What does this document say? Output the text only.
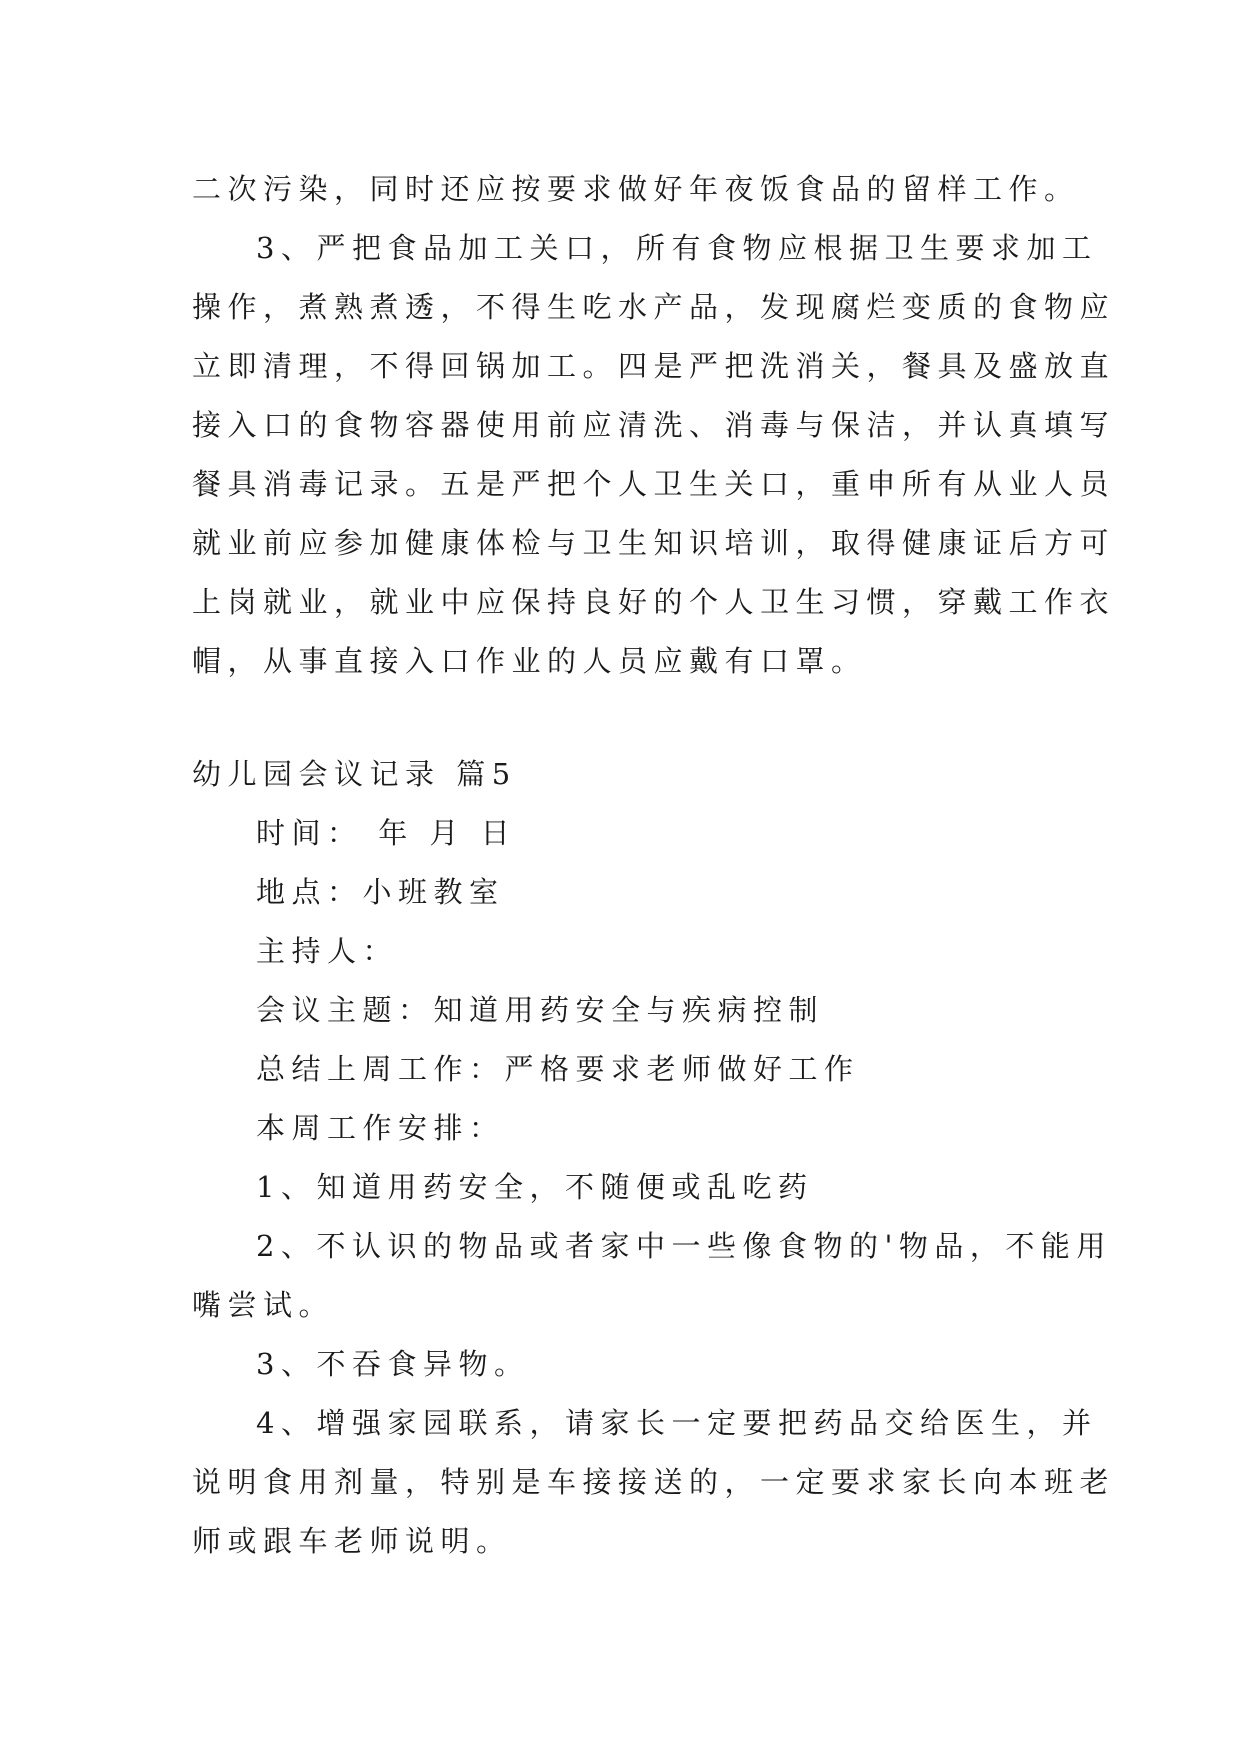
二次污染，同时还应按要求做好年夜饭食品的留样工作。

3、严把食品加工关口，所有食物应根据卫生要求加工

操作，煮熟煮透，不得生吃水产品，发现腐烂变质的食物应

立即清理，不得回锅加工。四是严把洗消关，餐具及盛放直

接入口的食物容器使用前应清洗、消毒与保洁，并认真填写

餐具消毒记录。五是严把个人卫生关口，重申所有从业人员

就业前应参加健康体检与卫生知识培训，取得健康证后方可

上岗就业，就业中应保持良好的个人卫生习惯，穿戴工作衣

帽，从事直接入口作业的人员应戴有口罩。

幼儿园会议记录 篇5

时间： 年 月 日

地点：小班教室

主持人：

会议主题：知道用药安全与疾病控制

总结上周工作：严格要求老师做好工作

本周工作安排：

1、知道用药安全，不随便或乱吃药

2、不认识的物品或者家中一些像食物的'物品，不能用

嘴尝试。

3、不吞食异物。

4、增强家园联系，请家长一定要把药品交给医生，并

说明食用剂量，特别是车接接送的，一定要求家长向本班老

师或跟车老师说明。
